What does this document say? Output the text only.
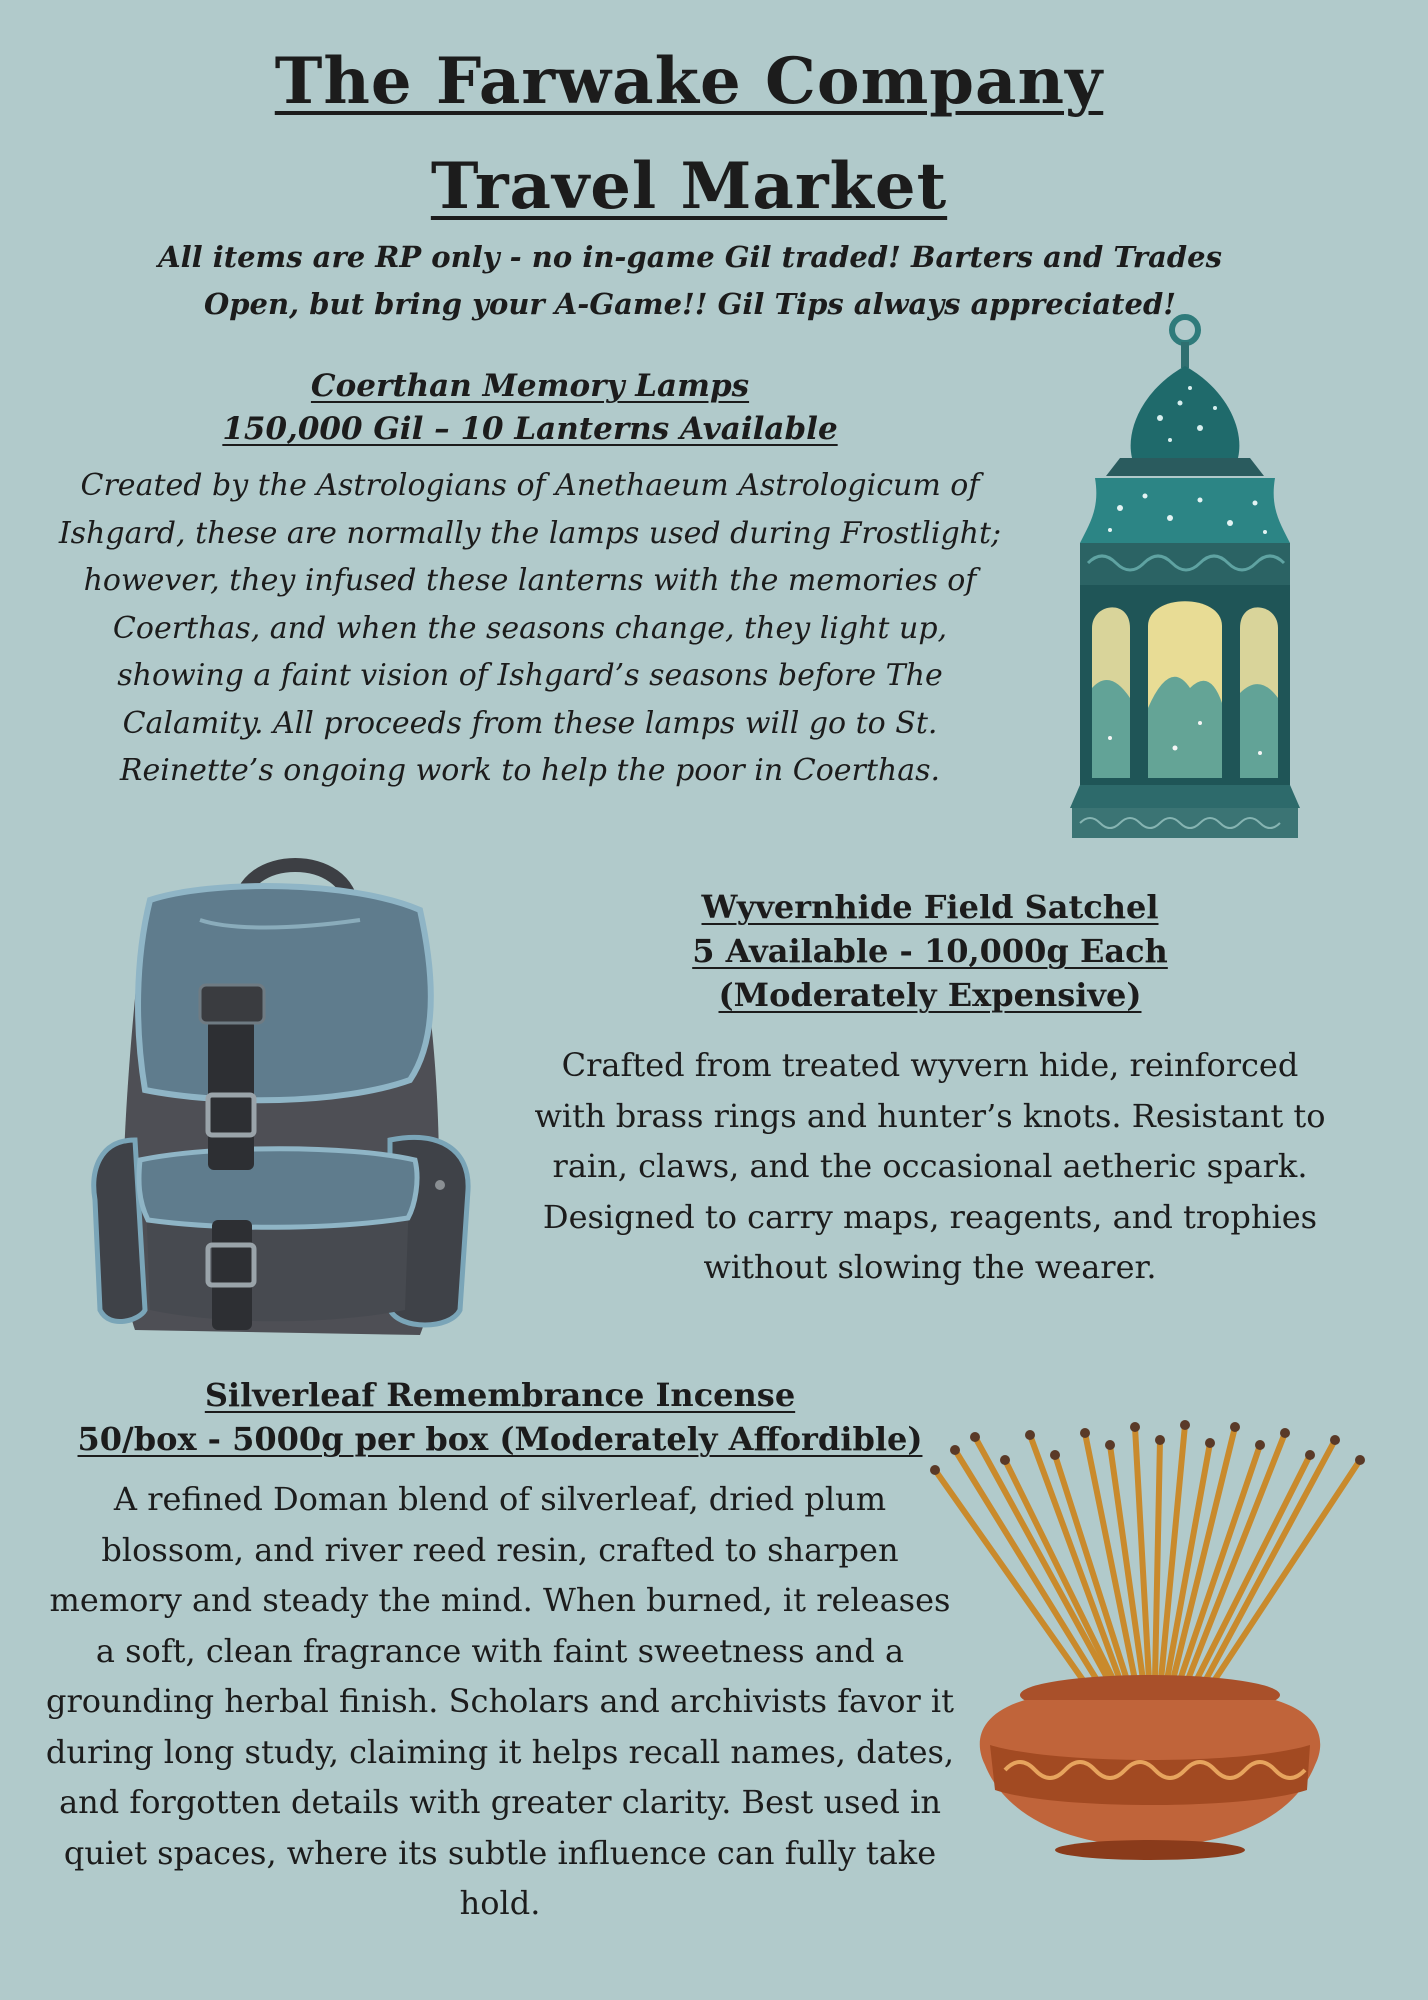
The Farwake Company
Travel Market
All items are RP only - no in-game Gil traded! Barters and Trades Open, but bring your A-Game!! Gil Tips always appreciated!
Coerthan Memory Lamps
150,000 Gil – 10 Lanterns Available
Created by the Astrologians of Anethaeum Astrologicum of Ishgard, these are normally the lamps used during Frostlight; however, they infused these lanterns with the memories of Coerthas, and when the seasons change, they light up, showing a faint vision of Ishgard’s seasons before The Calamity. All proceeds from these lamps will go to St. Reinette’s ongoing work to help the poor in Coerthas.
Wyvernhide Field Satchel
5 Available - 10,000g Each
(Moderately Expensive)
Crafted from treated wyvern hide, reinforced with brass rings and hunter’s knots. Resistant to rain, claws, and the occasional aetheric spark. Designed to carry maps, reagents, and trophies without slowing the wearer.
Silverleaf Remembrance Incense
50/box - 5000g per box (Moderately Affordible)
A refined Doman blend of silverleaf, dried plum blossom, and river reed resin, crafted to sharpen memory and steady the mind. When burned, it releases a soft, clean fragrance with faint sweetness and a grounding herbal finish. Scholars and archivists favor it during long study, claiming it helps recall names, dates, and forgotten details with greater clarity. Best used in quiet spaces, where its subtle influence can fully take hold.
